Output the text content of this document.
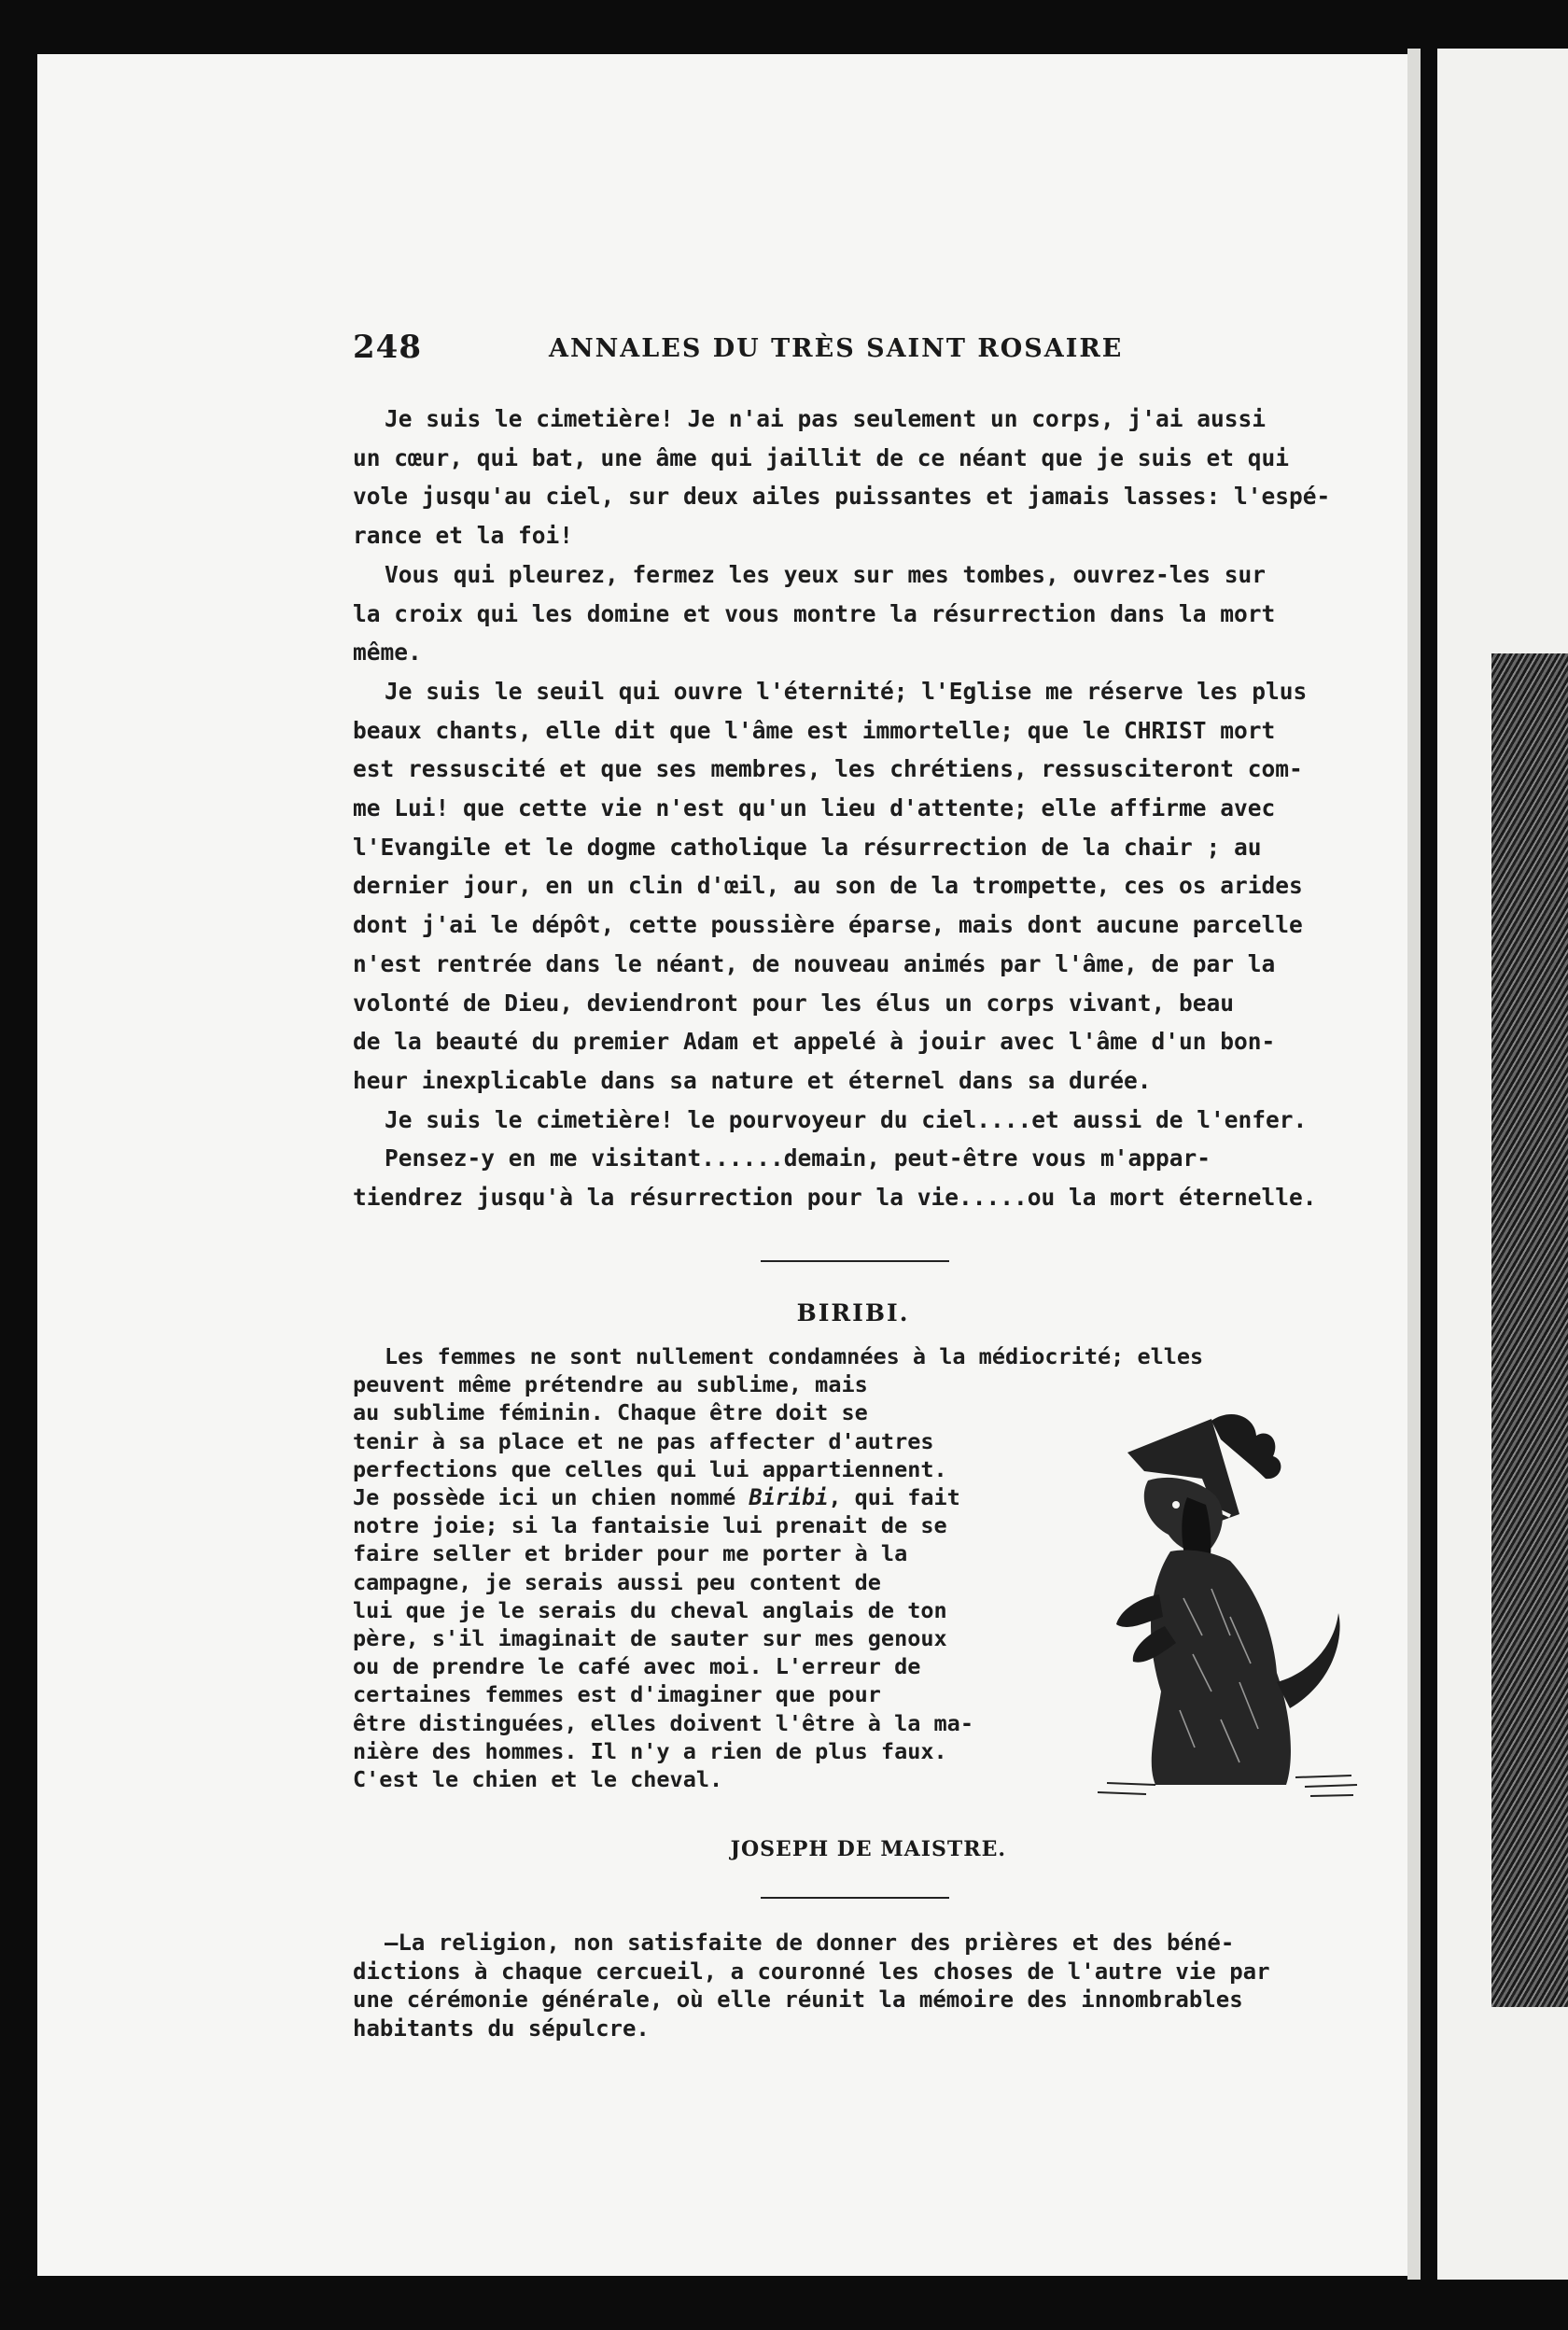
248	ANNALES DU TRÈS SAINT ROSAIRE

Je suis le cimetière! Je n'ai pas seulement un corps, j'ai aussi
un cœur, qui bat, une âme qui jaillit de ce néant que je suis et qui
vole jusqu'au ciel, sur deux ailes puissantes et jamais lasses: l'espé-
rance et la foi!

Vous qui pleurez, fermez les yeux sur mes tombes, ouvrez-les sur
la croix qui les domine et vous montre la résurrection dans la mort
même.

Je suis le seuil qui ouvre l'éternité; l'Eglise me réserve les plus
beaux chants, elle dit que l'âme est immortelle; que le CHRIST mort
est ressuscité et que ses membres, les chrétiens, ressusciteront com-
me Lui! que cette vie n'est qu'un lieu d'attente; elle affirme avec
l'Evangile et le dogme catholique la résurrection de la chair ; au
dernier jour, en un clin d'œil, au son de la trompette, ces os arides
dont j'ai le dépôt, cette poussière éparse, mais dont aucune parcelle
n'est rentrée dans le néant, de nouveau animés par l'âme, de par la
volonté de Dieu, deviendront pour les élus un corps vivant, beau
de la beauté du premier Adam et appelé à jouir avec l'âme d'un bon-
heur inexplicable dans sa nature et éternel dans sa durée.

Je suis le cimetière! le pourvoyeur du ciel....et aussi de l'enfer.

Pensez-y en me visitant......demain, peut-être vous m'appar-
tiendrez jusqu'à la résurrection pour la vie.....ou la mort éternelle.

BIRIBI.
Les femmes ne sont nullement condamnées à la médiocrité; elles
peuvent même prétendre au sublime, mais
au sublime féminin. Chaque être doit se
tenir à sa place et ne pas affecter d'autres
perfections que celles qui lui appartiennent.
Je possède ici un chien nommé Biribi, qui fait
notre joie; si la fantaisie lui prenait de se
faire seller et brider pour me porter à la
campagne, je serais aussi peu content de
lui que je le serais du cheval anglais de ton
père, s'il imaginait de sauter sur mes genoux
ou de prendre le café avec moi. L'erreur de
certaines femmes est d'imaginer que pour
être distinguées, elles doivent l'être à la ma-
nière des hommes. Il n'y a rien de plus faux.
C'est le chien et le cheval.
JOSEPH DE MAISTRE.
—La religion, non satisfaite de donner des prières et des béné-
dictions à chaque cercueil, a couronné les choses de l'autre vie par
une cérémonie générale, où elle réunit la mémoire des innombrables
habitants du sépulcre.
